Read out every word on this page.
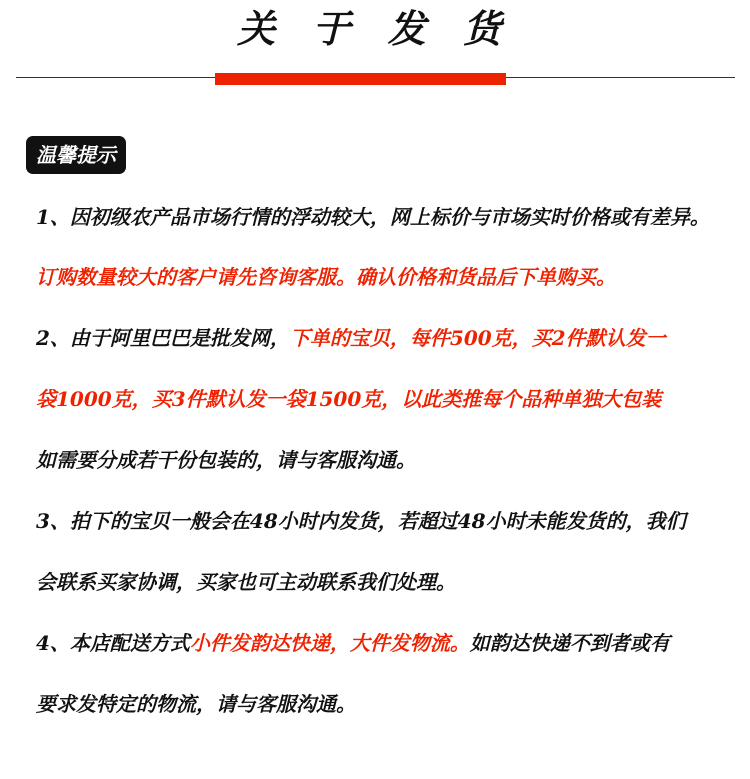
关 于 发 货
温馨提示
1、因初级农产品市场行情的浮动较大，网上标价与市场实时价格或有差异。
订购数量较大的客户请先咨询客服。确认价格和货品后下单购买。
2、由于阿里巴巴是批发网，下单的宝贝，每件500克，买2件默认发一
袋1000克，买3件默认发一袋1500克，以此类推每个品种单独大包装
如需要分成若干份包装的，请与客服沟通。
3、拍下的宝贝一般会在48小时内发货，若超过48小时未能发货的，我们
会联系买家协调，买家也可主动联系我们处理。
4、本店配送方式小件发韵达快递，大件发物流。如韵达快递不到者或有
要求发特定的物流，请与客服沟通。
